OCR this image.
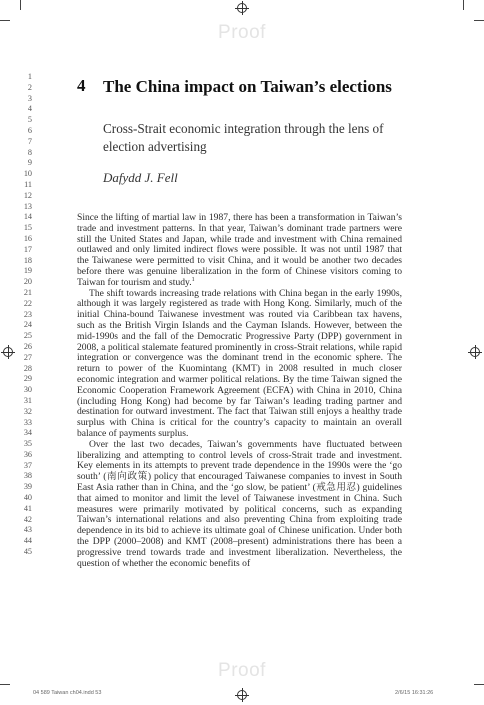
Proof
Proof
1
2
3
4
5
6
7
8
9
10
11
12
13
14
15
16
17
18
19
20
21
22
23
24
25
26
27
28
29
30
31
32
33
34
35
36
37
38
39
40
41
42
43
44
45
4 The China impact on Taiwan’s elections
Cross-Strait economic integration through the lens of election advertising
Dafydd J. Fell

Since the lifting of martial law in 1987, there has been a transformation in Taiwan’s trade and investment patterns. In that year, Taiwan’s dominant trade partners were still the United States and Japan, while trade and investment with China remained outlawed and only limited indirect flows were possible. It was not until 1987 that the Taiwanese were permitted to visit China, and it would be another two decades before there was genuine liberalization in the form of Chinese visitors coming to Taiwan for tourism and study.$^1$

The shift towards increasing trade relations with China began in the early 1990s, although it was largely registered as trade with Hong Kong. Similarly, much of the initial China-bound Taiwanese investment was routed via Caribbean tax havens, such as the British Virgin Islands and the Cayman Islands. However, between the mid-1990s and the fall of the Democratic Progressive Party (DPP) government in 2008, a political stalemate featured prominently in cross-Strait relations, while rapid integration or convergence was the dominant trend in the economic sphere. The return to power of the Kuomintang (KMT) in 2008 resulted in much closer economic integration and warmer political relations. By the time Taiwan signed the Economic Cooperation Framework Agreement (ECFA) with China in 2010, China (including Hong Kong) had become by far Taiwan’s leading trading partner and destination for outward investment. The fact that Taiwan still enjoys a healthy trade surplus with China is critical for the country’s capacity to maintain an overall balance of payments surplus.

Over the last two decades, Taiwan’s governments have fluctuated between liberalizing and attempting to control levels of cross-Strait trade and investment. Key elements in its attempts to prevent trade dependence in the 1990s were the ‘go south’ (南向政策) policy that encouraged Taiwanese companies to invest in South East Asia rather than in China, and the ‘go slow, be patient’ (戒急用忍) guidelines that aimed to monitor and limit the level of Taiwanese investment in China. Such measures were primarily motivated by political concerns, such as expanding Taiwan’s international relations and also preventing China from exploiting trade dependence in its bid to achieve its ultimate goal of Chinese unification. Under both the DPP (2000–2008) and KMT (2008–present) administrations there has been a progressive trend towards trade and investment liberalization. Nevertheless, the question of whether the economic benefits of

04 589 Taiwan ch04.indd 53	2/6/15 16:31:26
